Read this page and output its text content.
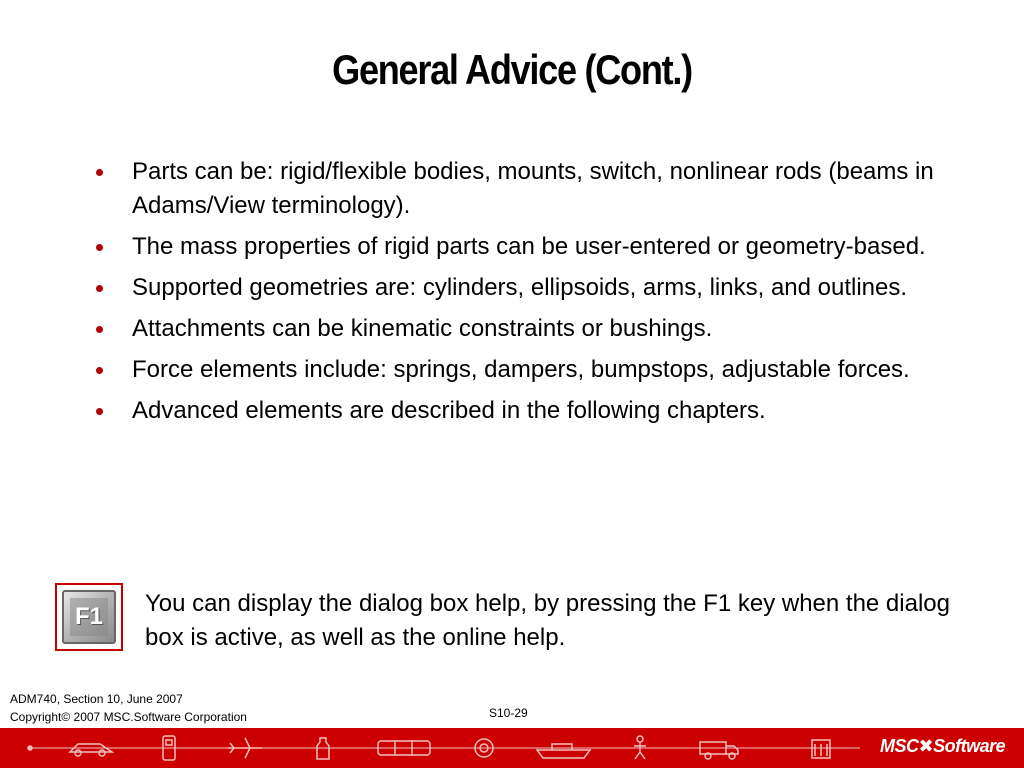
General Advice (Cont.)
Parts can be: rigid/flexible bodies, mounts, switch, nonlinear rods (beams in Adams/View terminology).
The mass properties of rigid parts can be user-entered or geometry-based.
Supported geometries are: cylinders, ellipsoids, arms, links, and outlines.
Attachments can be kinematic constraints or bushings.
Force elements include: springs, dampers, bumpstops, adjustable forces.
Advanced elements are described in the following chapters.
F1 You can display the dialog box help, by pressing the F1 key when the dialog box is active, as well as the online help.
ADM740, Section 10, June 2007
Copyright© 2007 MSC.Software Corporation	S10-29
MSC✖Software
